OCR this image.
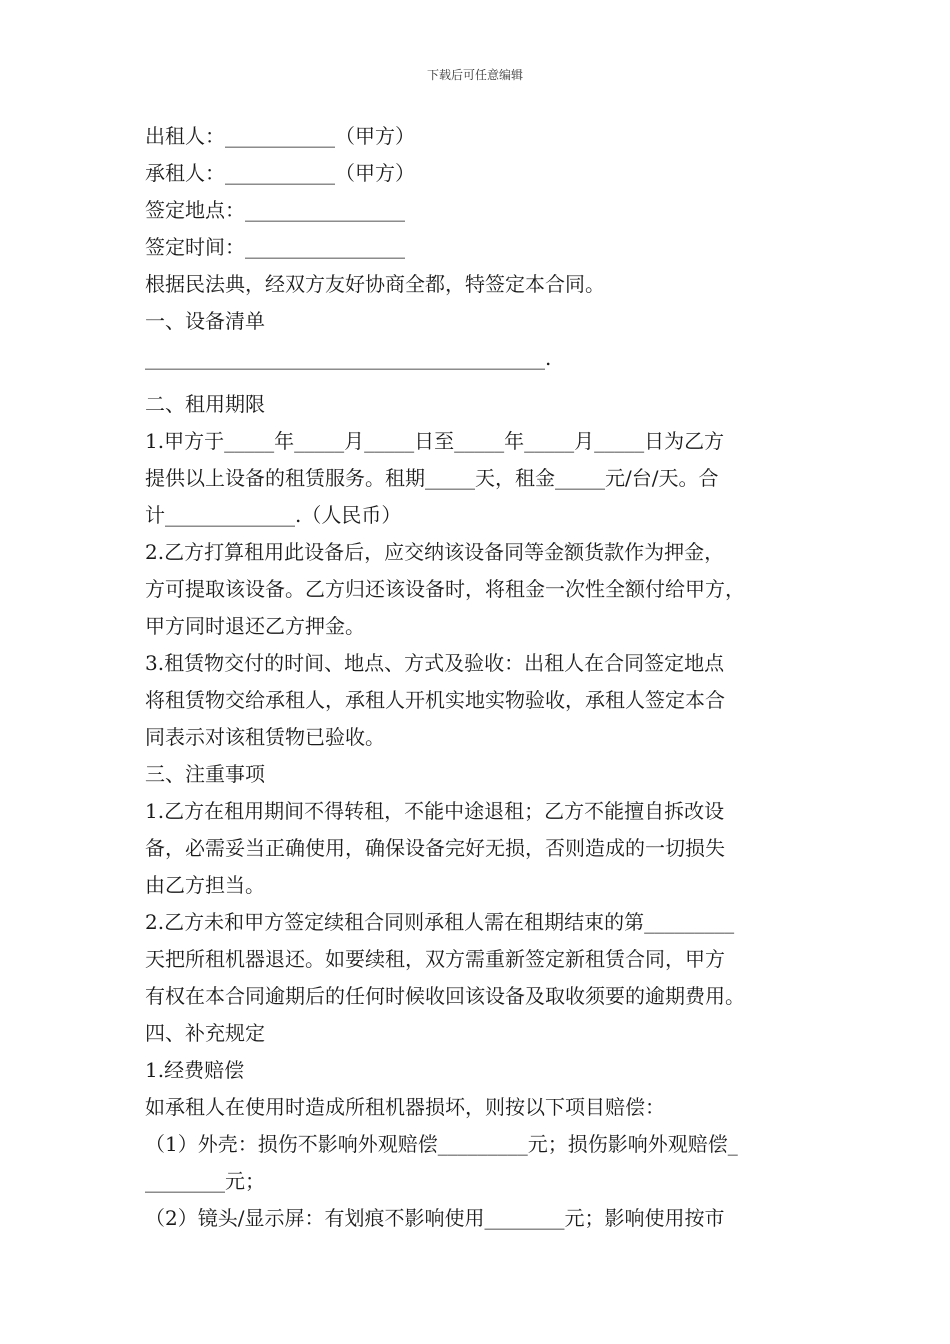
下载后可任意编辑
出租人：___________（甲方）
承租人：___________（甲方）
签定地点：________________
签定时间：________________
根据民法典，经双方友好协商全都，特签定本合同。
一、设备清单
________________________________________.
二、租用期限
1.甲方于_____年_____月_____日至_____年_____月_____日为乙方
提供以上设备的租赁服务。租期_____天，租金_____元/台/天。合
计_____________.（人民币）
2.乙方打算租用此设备后，应交纳该设备同等金额货款作为押金，
方可提取该设备。乙方归还该设备时，将租金一次性全额付给甲方，
甲方同时退还乙方押金。
3.租赁物交付的时间、地点、方式及验收：出租人在合同签定地点
将租赁物交给承租人，承租人开机实地实物验收，承租人签定本合
同表示对该租赁物已验收。
三、注重事项
1.乙方在租用期间不得转租，不能中途退租；乙方不能擅自拆改设
备，必需妥当正确使用，确保设备完好无损，否则造成的一切损失
由乙方担当。
2.乙方未和甲方签定续租合同则承租人需在租期结束的第_________
天把所租机器退还。如要续租，双方需重新签定新租赁合同，甲方
有权在本合同逾期后的任何时候收回该设备及取收须要的逾期费用。
四、补充规定
1.经费赔偿
如承租人在使用时造成所租机器损坏，则按以下项目赔偿：
（1）外壳：损伤不影响外观赔偿_________元；损伤影响外观赔偿_
________元；
（2）镜头/显示屏：有划痕不影响使用________元；影响使用按市
